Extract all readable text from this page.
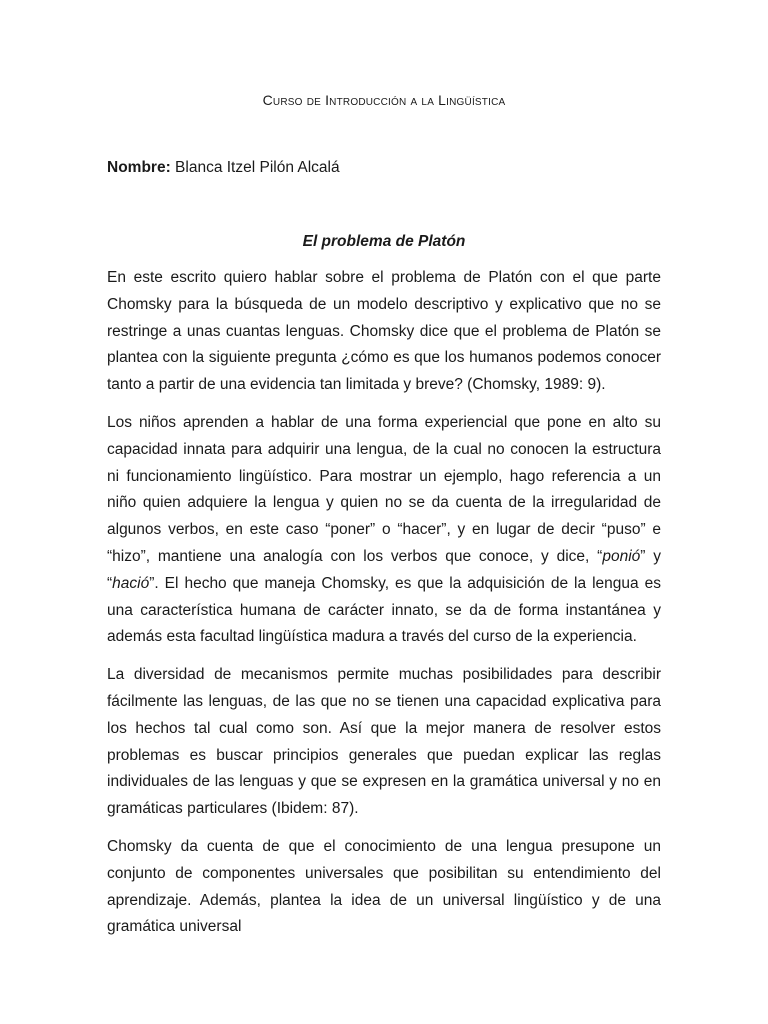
Curso de Introducción a la Lingüística
Nombre: Blanca Itzel Pilón Alcalá
El problema de Platón

En este escrito quiero hablar sobre el problema de Platón con el que parte Chomsky para la búsqueda de un modelo descriptivo y explicativo que no se restringe a unas cuantas lenguas. Chomsky dice que el problema de Platón se plantea con la siguiente pregunta ¿cómo es que los humanos podemos conocer tanto a partir de una evidencia tan limitada y breve? (Chomsky, 1989: 9).

Los niños aprenden a hablar de una forma experiencial que pone en alto su capacidad innata para adquirir una lengua, de la cual no conocen la estructura ni funcionamiento lingüístico. Para mostrar un ejemplo, hago referencia a un niño quien adquiere la lengua y quien no se da cuenta de la irregularidad de algunos verbos, en este caso “poner” o “hacer”, y en lugar de decir “puso” e “hizo”, mantiene una analogía con los verbos que conoce, y dice, “ponió” y “hació”. El hecho que maneja Chomsky, es que la adquisición de la lengua es una característica humana de carácter innato, se da de forma instantánea y además esta facultad lingüística madura a través del curso de la experiencia.

La diversidad de mecanismos permite muchas posibilidades para describir fácilmente las lenguas, de las que no se tienen una capacidad explicativa para los hechos tal cual como son. Así que la mejor manera de resolver estos problemas es buscar principios generales que puedan explicar las reglas individuales de las lenguas y que se expresen en la gramática universal y no en gramáticas particulares (Ibidem: 87).

Chomsky da cuenta de que el conocimiento de una lengua presupone un conjunto de componentes universales que posibilitan su entendimiento del aprendizaje. Además, plantea la idea de un universal lingüístico y de una gramática universal
